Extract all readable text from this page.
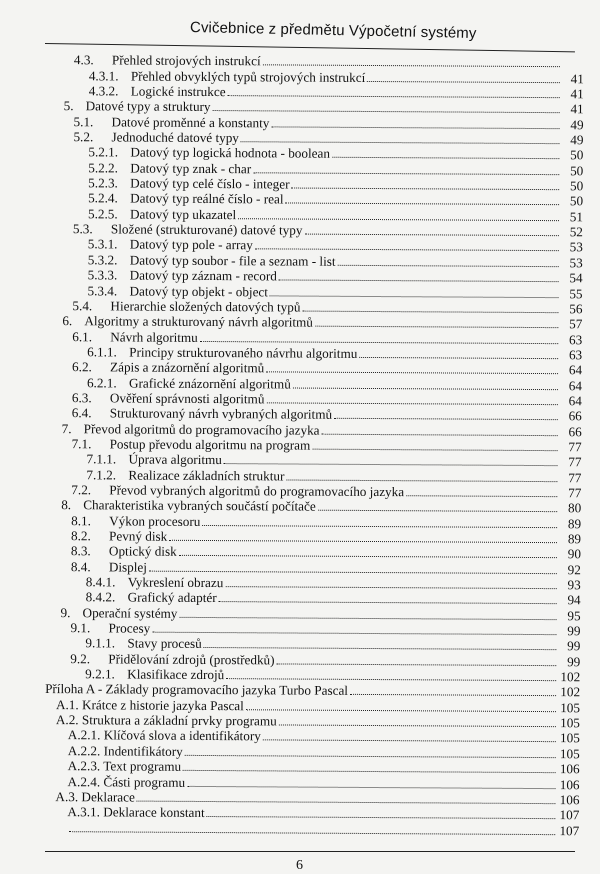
Cvičebnice z předmětu Výpočetní systémy
4.3.	Přehled strojových instrukcí
4.3.1. Přehled obvyklých typů strojových instrukcí	41
4.3.2. Logické instrukce	41
5. Datové typy a struktury	41
5.1.	Datové proměnné a konstanty	49
5.2.	Jednoduché datové typy	49
5.2.1. Datový typ logická hodnota - boolean	50
5.2.2. Datový typ znak - char	50
5.2.3. Datový typ celé číslo - integer	50
5.2.4. Datový typ reálné číslo - real	50
5.2.5. Datový typ ukazatel	51
5.3.	Složené (strukturované) datové typy	52
5.3.1. Datový typ pole - array	53
5.3.2. Datový typ soubor - file a seznam - list	53
5.3.3. Datový typ záznam - record	54
5.3.4. Datový typ objekt - object	55
5.4.	Hierarchie složených datových typů	56
6. Algoritmy a strukturovaný návrh algoritmů	57
6.1.	Návrh algoritmu	63
6.1.1. Principy strukturovaného návrhu algoritmu	63
6.2.	Zápis a znázornění algoritmů	64
6.2.1. Grafické znázornění algoritmů	64
6.3.	Ověření správnosti algoritmů	64
6.4.	Strukturovaný návrh vybraných algoritmů	66
7. Převod algoritmů do programovacího jazyka	66
7.1.	Postup převodu algoritmu na program	77
7.1.1. Úprava algoritmu	77
7.1.2. Realizace základních struktur	77
7.2.	Převod vybraných algoritmů do programovacího jazyka	77
8. Charakteristika vybraných součástí počítače	80
8.1.	Výkon procesoru	89
8.2.	Pevný disk	89
8.3.	Optický disk	90
8.4.	Displej	92
8.4.1. Vykreslení obrazu	93
8.4.2. Grafický adaptér	94
9. Operační systémy	95
9.1.	Procesy	99
9.1.1. Stavy procesů	99
9.2.	Přidělování zdrojů (prostředků)	99
9.2.1. Klasifikace zdrojů	102
Příloha A - Základy programovacího jazyka Turbo Pascal	102
A.1. Krátce z historie jazyka Pascal	105
A.2. Struktura a základní prvky programu	105
A.2.1. Klíčová slova a identifikátory	105
A.2.2. Indentifikátory	105
A.2.3. Text programu	106
A.2.4. Části programu	106
A.3. Deklarace	106
A.3.1. Deklarace konstant	107
107
6
